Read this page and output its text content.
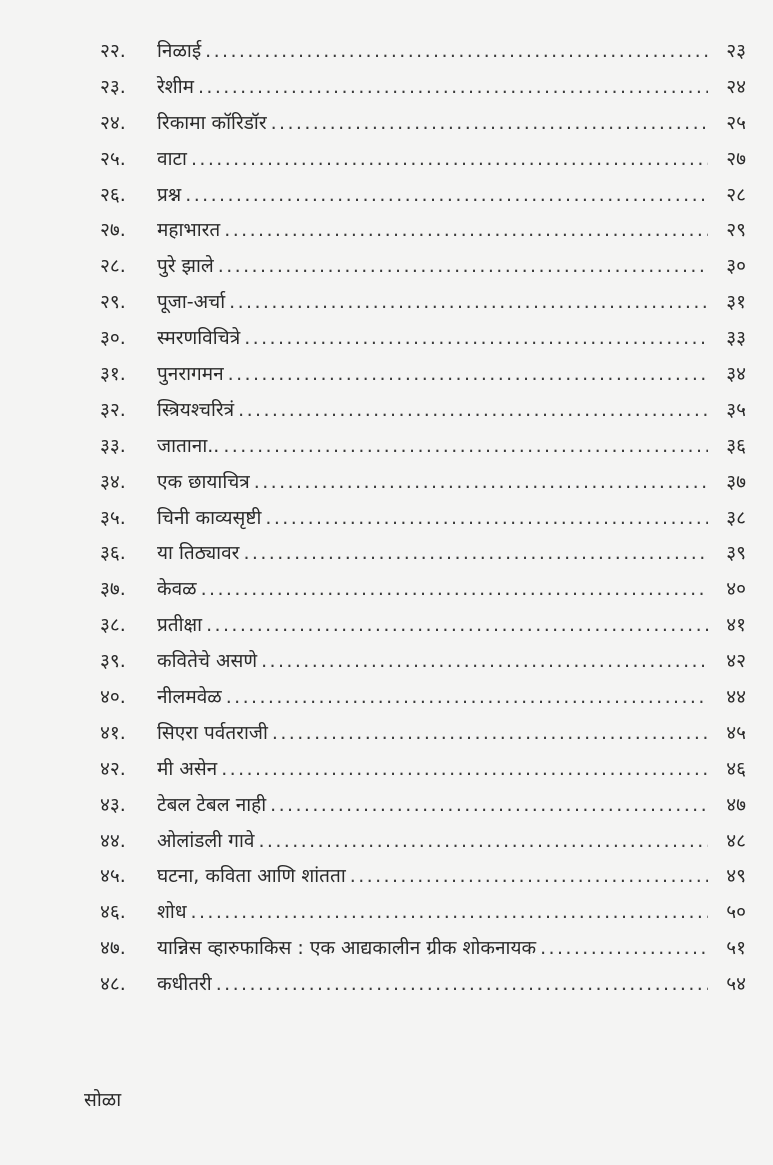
२२.	निळाई .....	२३
२३.	रेशीम .....	२४
२४.	रिकामा कॉरिडॉर .....	२५
२५.	वाटा .....	२७
२६.	प्रश्न .....	२८
२७.	महाभारत .....	२९
२८.	पुरे झाले .....	३०
२९.	पूजा-अर्चा .....	३१
३०.	स्मरणविचित्रे .....	३३
३१.	पुनरागमन .....	३४
३२.	स्त्रियश्चरित्रं .....	३५
३३.	जाताना.. .....	३६
३४.	एक छायाचित्र .....	३७
३५.	चिनी काव्यसृष्टी .....	३८
३६.	या तिठ्यावर .....	३९
३७.	केवळ .....	४०
३८.	प्रतीक्षा .....	४१
३९.	कवितेचे असणे .....	४२
४०.	नीलमवेळ .....	४४
४१.	सिएरा पर्वतराजी .....	४५
४२.	मी असेन .....	४६
४३.	टेबल टेबल नाही .....	४७
४४.	ओलांडली गावे .....	४८
४५.	घटना, कविता आणि शांतता .....	४९
४६.	शोध .....	५०
४७.	यान्निस व्हारुफाकिस : एक आद्यकालीन ग्रीक शोकनायक .....	५१
४८.	कधीतरी .....	५४
सोळा
